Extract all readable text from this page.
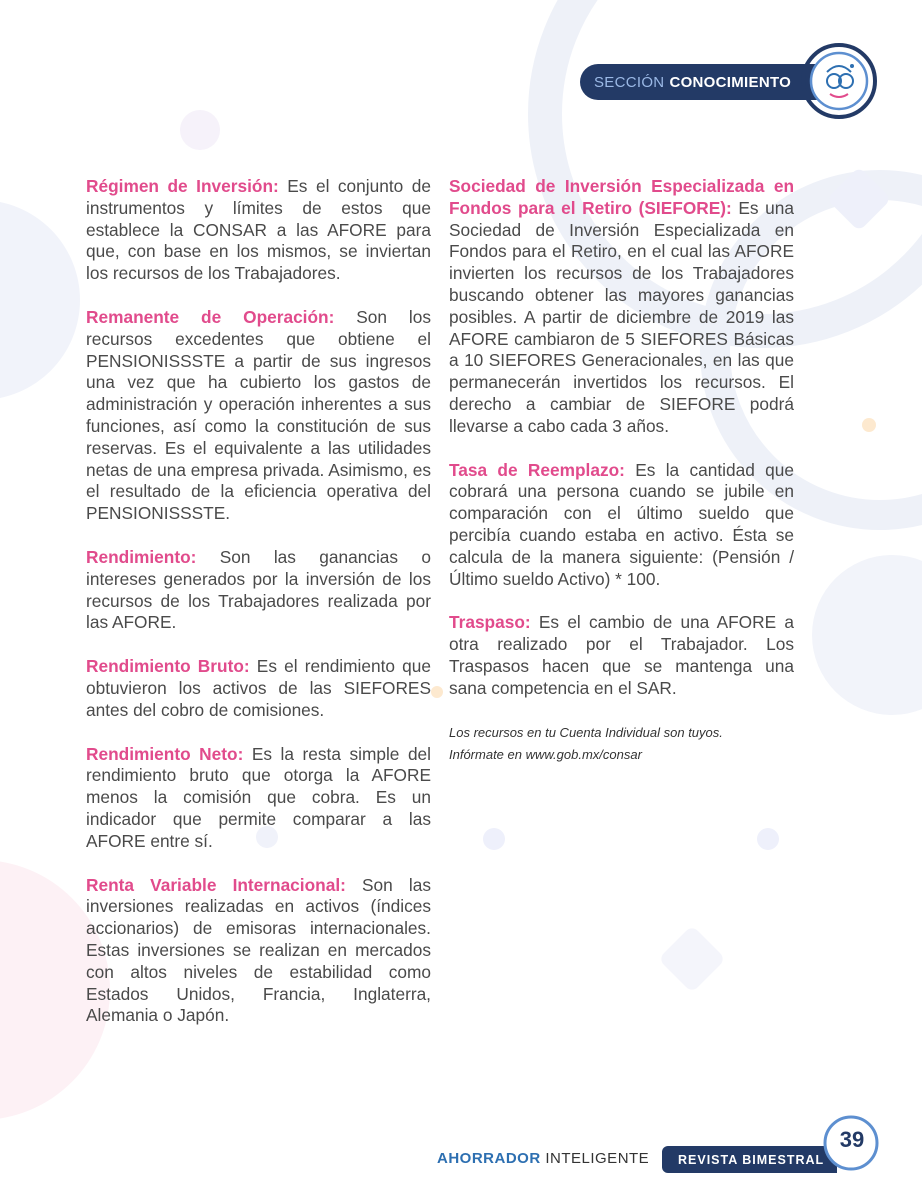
SECCIÓN CONOCIMIENTO

Régimen de Inversión: Es el conjunto de instrumentos y límites de estos que establece la CONSAR a las AFORE para que, con base en los mismos, se inviertan los recursos de los Trabajadores.

Remanente de Operación: Son los recursos excedentes que obtiene el PENSIONISSSTE a partir de sus ingresos una vez que ha cubierto los gastos de administración y operación inherentes a sus funciones, así como la constitución de sus reservas. Es el equivalente a las utilidades netas de una empresa privada. Asimismo, es el resultado de la eficiencia operativa del PENSIONISSSTE.

Rendimiento: Son las ganancias o intereses generados por la inversión de los recursos de los Trabajadores realizada por las AFORE.

Rendimiento Bruto: Es el rendimiento que obtuvieron los activos de las SIEFORES antes del cobro de comisiones.

Rendimiento Neto: Es la resta simple del rendimiento bruto que otorga la AFORE menos la comisión que cobra. Es un indicador que permite comparar a las AFORE entre sí.

Renta Variable Internacional: Son las inversiones realizadas en activos (índices accionarios) de emisoras internacionales. Estas inversiones se realizan en mercados con altos niveles de estabilidad como Estados Unidos, Francia, Inglaterra, Alemania o Japón.

Sociedad de Inversión Especializada en Fondos para el Retiro (SIEFORE): Es una Sociedad de Inversión Especializada en Fondos para el Retiro, en el cual las AFORE invierten los recursos de los Trabajadores buscando obtener las mayores ganancias posibles. A partir de diciembre de 2019 las AFORE cambiaron de 5 SIEFORES Básicas a 10 SIEFORES Generacionales, en las que permanecerán invertidos los recursos. El derecho a cambiar de SIEFORE podrá llevarse a cabo cada 3 años.

Tasa de Reemplazo: Es la cantidad que cobrará una persona cuando se jubile en comparación con el último sueldo que percibía cuando estaba en activo. Ésta se calcula de la manera siguiente: (Pensión / Último sueldo Activo) * 100.

Traspaso: Es el cambio de una AFORE a otra realizado por el Trabajador. Los Traspasos hacen que se mantenga una sana competencia en el SAR.

Los recursos en tu Cuenta Individual son tuyos.
Infórmate en www.gob.mx/consar
AHORRADOR INTELIGENTE	REVISTA BIMESTRAL
39
